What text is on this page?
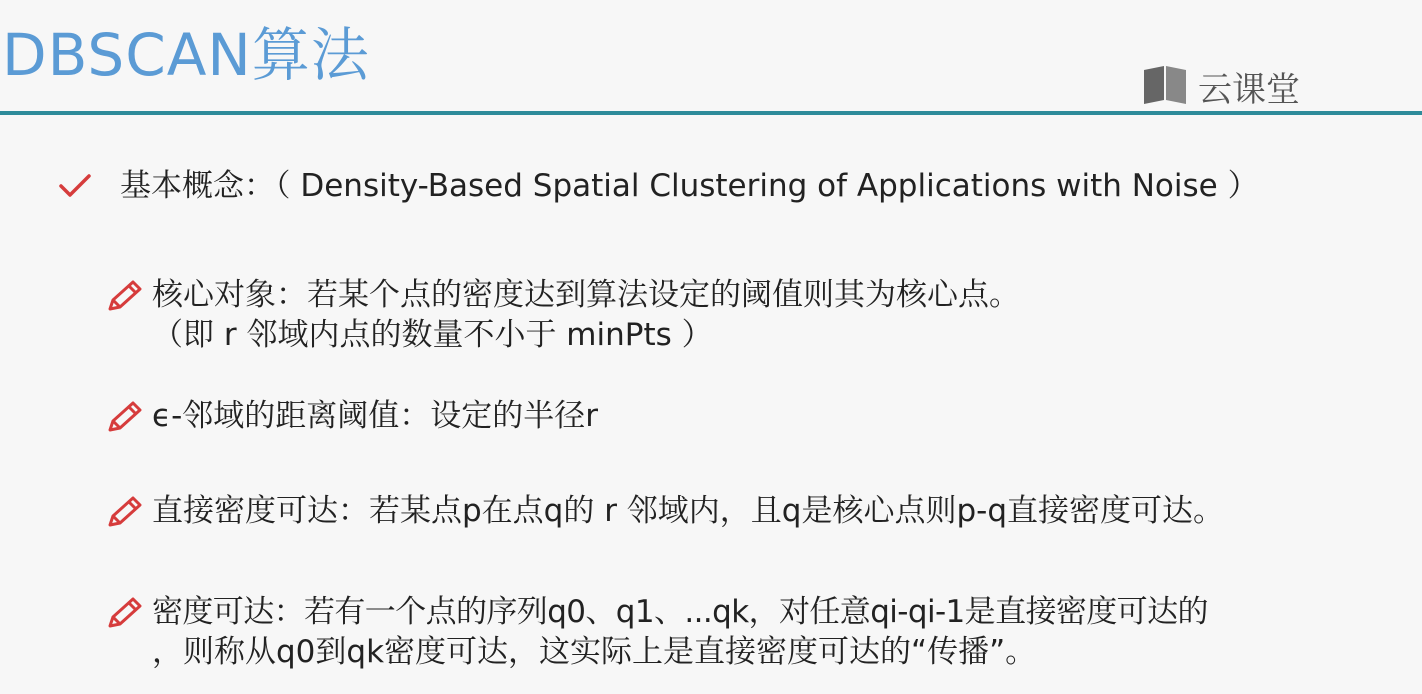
DBSCAN算法
云课堂
基本概念：（ Density-Based Spatial Clustering of Applications with Noise ）
核心对象：若某个点的密度达到算法设定的阈值则其为核心点。
（即 r 邻域内点的数量不小于 minPts ）
ϵ-邻域的距离阈值：设定的半径r
直接密度可达：若某点p在点q的 r 邻域内，且q是核心点则p-q直接密度可达。
密度可达：若有一个点的序列q0、q1、...qk，对任意qi-qi-1是直接密度可达的
，则称从q0到qk密度可达，这实际上是直接密度可达的“传播”。
